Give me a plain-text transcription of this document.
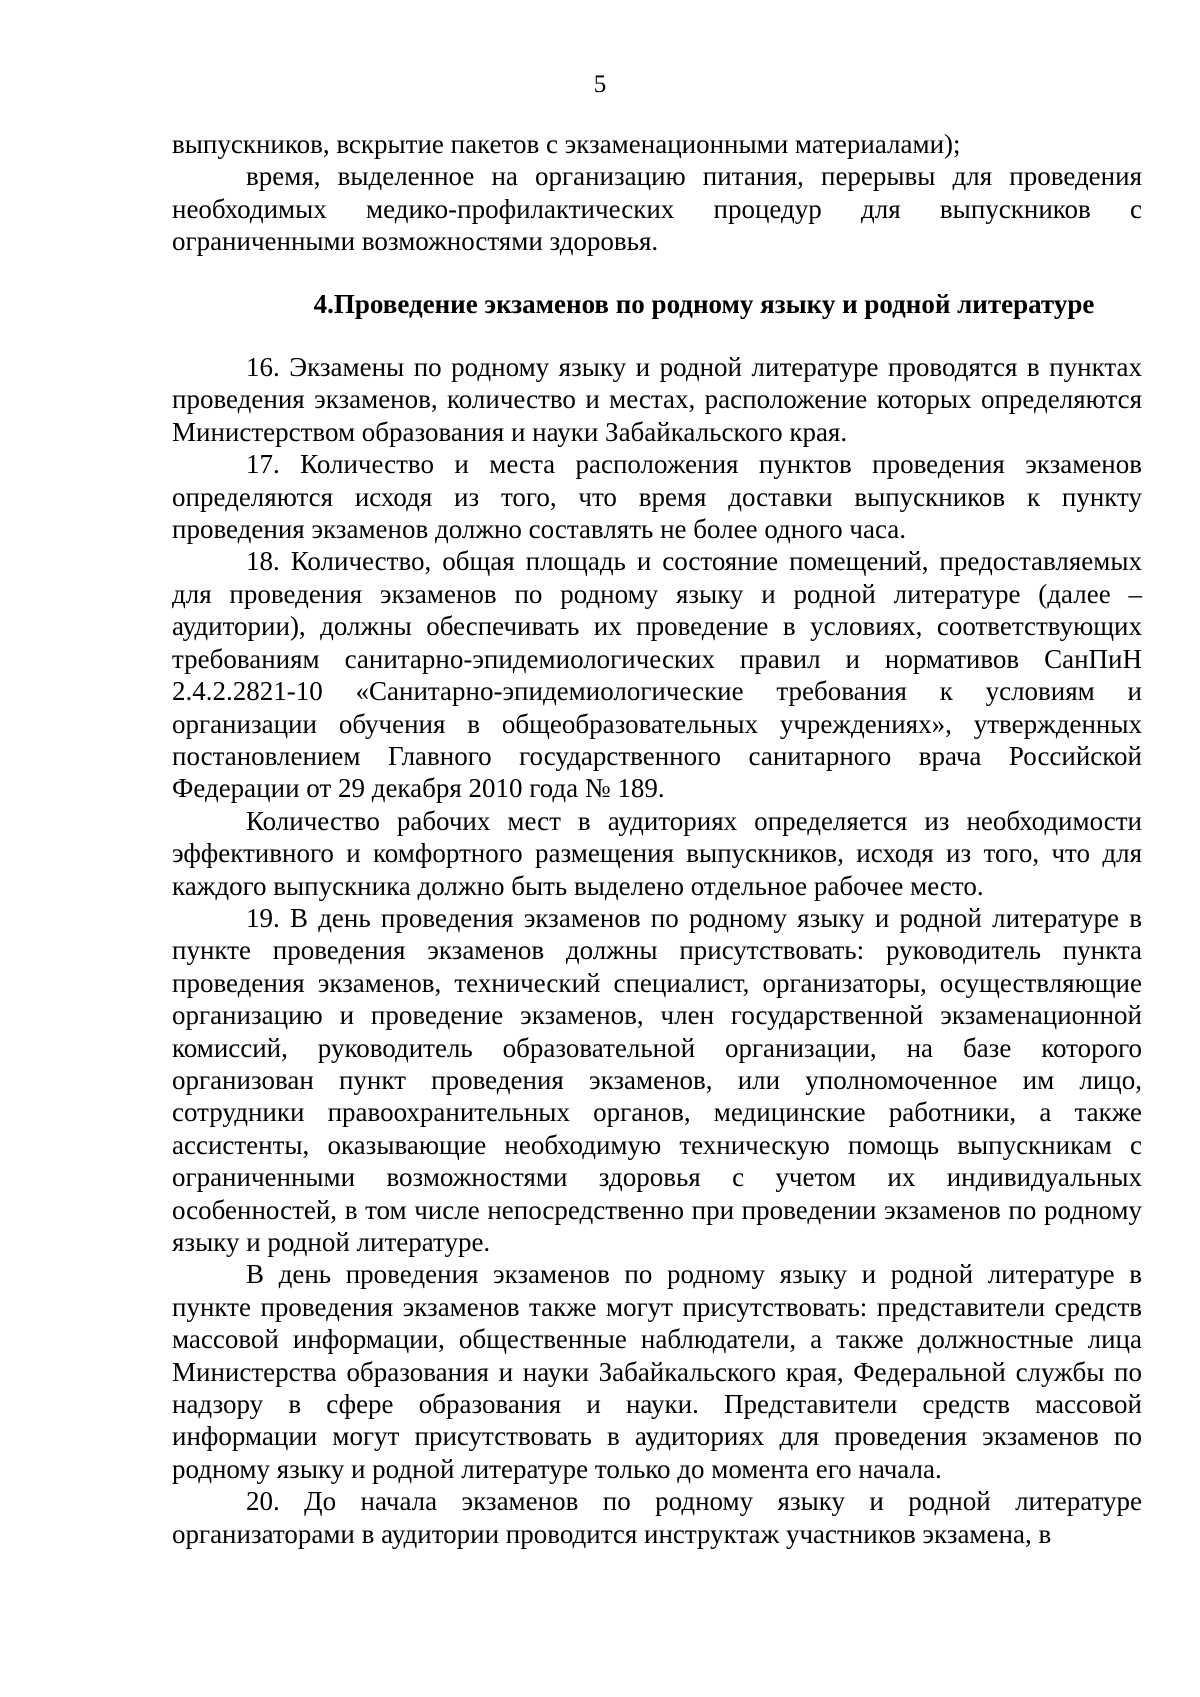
5

выпускников, вскрытие пакетов с экзаменационными материалами);

время, выделенное на организацию питания, перерывы для проведения необходимых медико-профилактических процедур для выпускников с ограниченными возможностями здоровья.

4.Проведение экзаменов по родному языку и родной литературе

16. Экзамены по родному языку и родной литературе проводятся в пунктах проведения экзаменов, количество и местах, расположение которых определяются Министерством образования и науки Забайкальского края.

17. Количество и места расположения пунктов проведения экзаменов определяются исходя из того, что время доставки выпускников к пункту проведения экзаменов должно составлять не более одного часа.

18. Количество, общая площадь и состояние помещений, предоставляемых для проведения экзаменов по родному языку и родной литературе (далее – аудитории), должны обеспечивать их проведение в условиях, соответствующих требованиям санитарно-эпидемиологических правил и нормативов СанПиН 2.4.2.2821-10 «Санитарно-эпидемиологические требования к условиям и организации обучения в общеобразовательных учреждениях», утвержденных постановлением Главного государственного санитарного врача Российской Федерации от 29 декабря 2010 года № 189.

Количество рабочих мест в аудиториях определяется из необходимости эффективного и комфортного размещения выпускников, исходя из того, что для каждого выпускника должно быть выделено отдельное рабочее место.

19. В день проведения экзаменов по родному языку и родной литературе в пункте проведения экзаменов должны присутствовать: руководитель пункта проведения экзаменов, технический специалист, организаторы, осуществляющие организацию и проведение экзаменов, член государственной экзаменационной комиссий, руководитель образовательной организации, на базе которого организован пункт проведения экзаменов, или уполномоченное им лицо, сотрудники правоохранительных органов, медицинские работники, а также ассистенты, оказывающие необходимую техническую помощь выпускникам с ограниченными возможностями здоровья с учетом их индивидуальных особенностей, в том числе непосредственно при проведении экзаменов по родному языку и родной литературе.

В день проведения экзаменов по родному языку и родной литературе в пункте проведения экзаменов также могут присутствовать: представители средств массовой информации, общественные наблюдатели, а также должностные лица Министерства образования и науки Забайкальского края, Федеральной службы по надзору в сфере образования и науки. Представители средств массовой информации могут присутствовать в аудиториях для проведения экзаменов по родному языку и родной литературе только до момента его начала.

20. До начала экзаменов по родному языку и родной литературе организаторами в аудитории проводится инструктаж участников экзамена, в
